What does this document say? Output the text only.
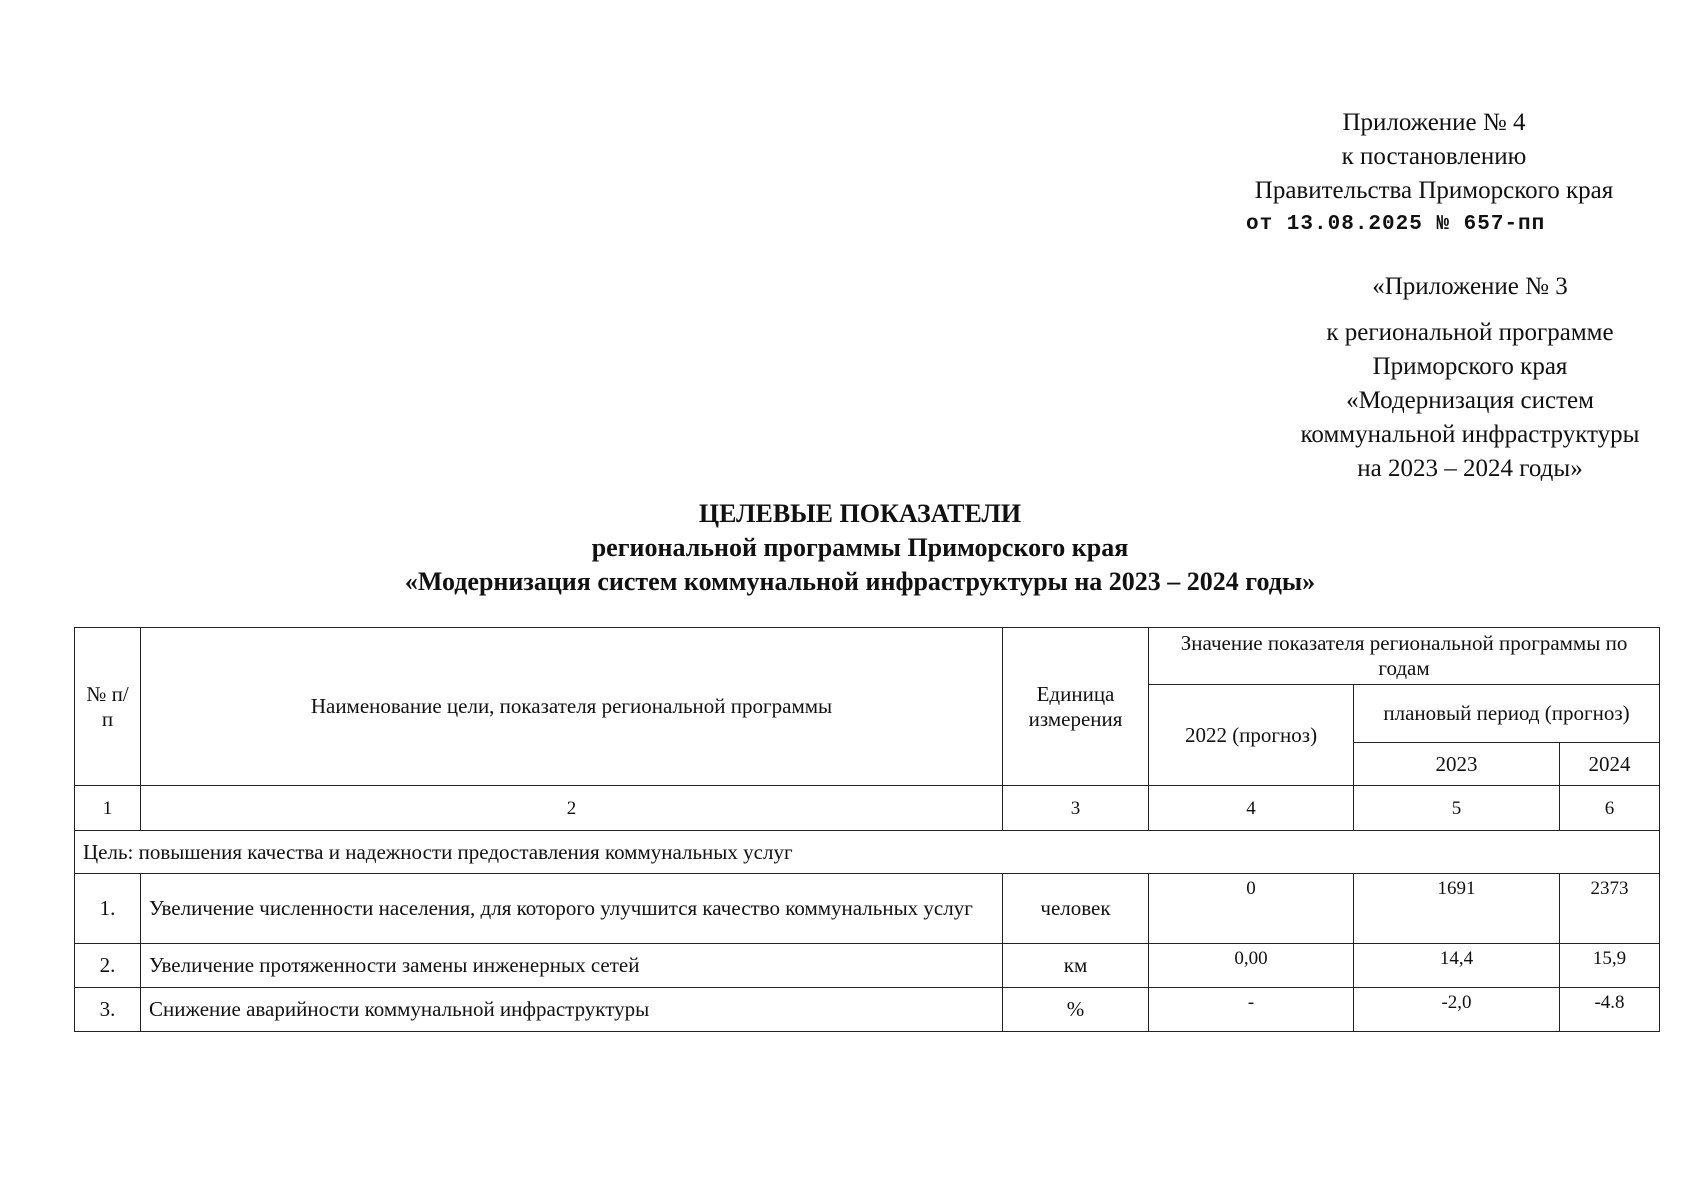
Приложение № 4
к постановлению
Правительства Приморского края
от 13.08.2025 № 657-пп
«Приложение № 3
к региональной программе
Приморского края
«Модернизация систем
коммунальной инфраструктуры
на 2023 – 2024 годы»
ЦЕЛЕВЫЕ ПОКАЗАТЕЛИ
региональной программы Приморского края
«Модернизация систем коммунальной инфраструктуры на 2023 – 2024 годы»
№ п/п	Наименование цели, показателя региональной программы	Единица измерения	Значение показателя региональной программы по годам		
			2022 (прогноз)	плановый период (прогноз)	
				2023	2024
1	2	3	4	5	6
Цель: повышения качества и надежности предоставления коммунальных услуг					
1.	Увеличение численности населения, для которого улучшится качество коммунальных услуг	человек	0	1691	2373
2.	Увеличение протяженности замены инженерных сетей	км	0,00	14,4	15,9
3.	Снижение аварийности коммунальной инфраструктуры	%	-	-2,0	-4.8
